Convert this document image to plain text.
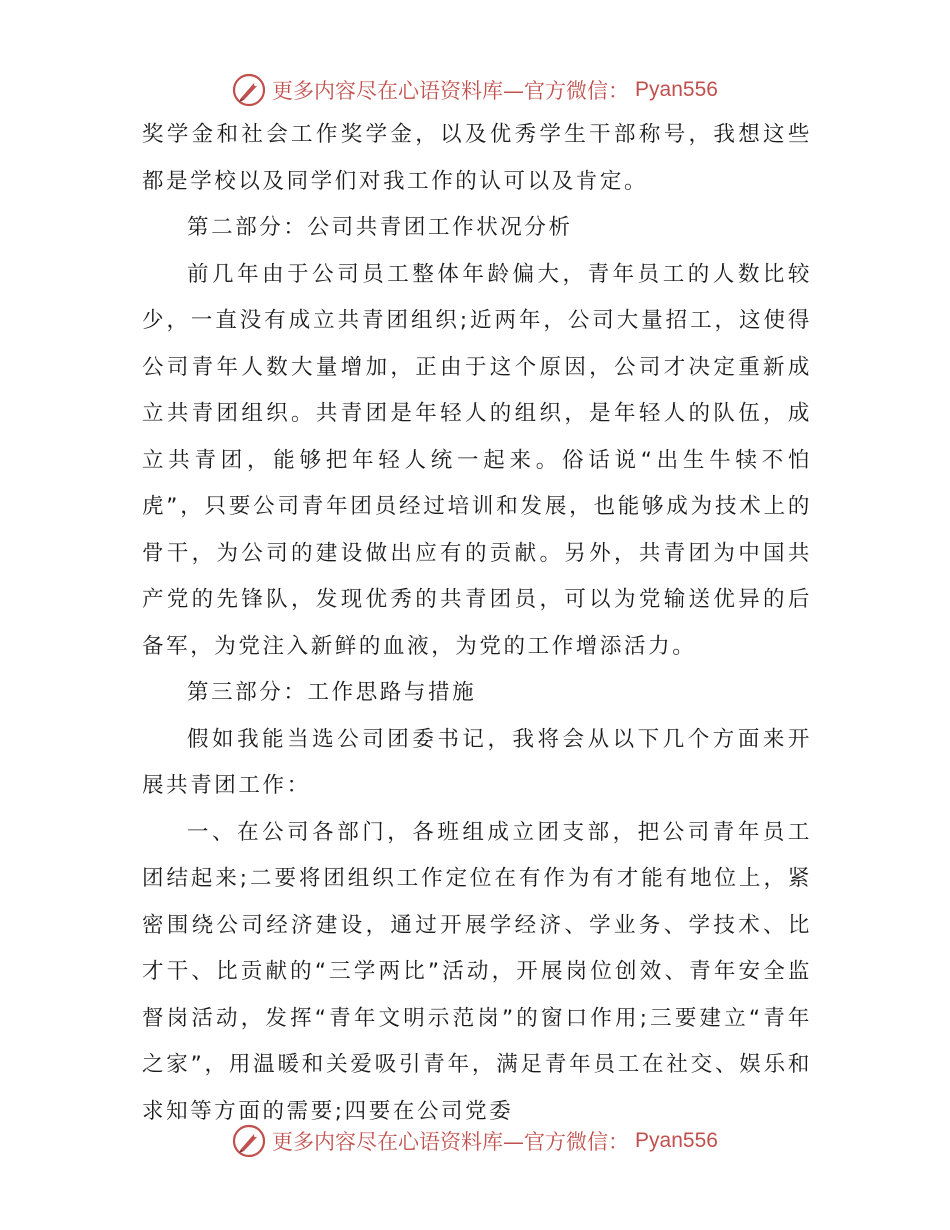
更多内容尽在心语资料库—官方微信： Pyan556

奖学金和社会工作奖学金，以及优秀学生干部称号，我想这些都是学校以及同学们对我工作的认可以及肯定。

第二部分：公司共青团工作状况分析

前几年由于公司员工整体年龄偏大，青年员工的人数比较少，一直没有成立共青团组织;近两年，公司大量招工，这使得公司青年人数大量增加，正由于这个原因，公司才决定重新成立共青团组织。共青团是年轻人的组织，是年轻人的队伍，成立共青团，能够把年轻人统一起来。俗话说“出生牛犊不怕虎”，只要公司青年团员经过培训和发展，也能够成为技术上的骨干，为公司的建设做出应有的贡献。另外，共青团为中国共产党的先锋队，发现优秀的共青团员，可以为党输送优异的后备军，为党注入新鲜的血液，为党的工作增添活力。

第三部分：工作思路与措施

假如我能当选公司团委书记，我将会从以下几个方面来开展共青团工作：

一、在公司各部门，各班组成立团支部，把公司青年员工团结起来;二要将团组织工作定位在有作为有才能有地位上，紧密围绕公司经济建设，通过开展学经济、学业务、学技术、比才干、比贡献的“三学两比”活动，开展岗位创效、青年安全监督岗活动，发挥“青年文明示范岗”的窗口作用;三要建立“青年之家”，用温暖和关爱吸引青年，满足青年员工在社交、娱乐和求知等方面的需要;四要在公司党委

更多内容尽在心语资料库—官方微信： Pyan556
